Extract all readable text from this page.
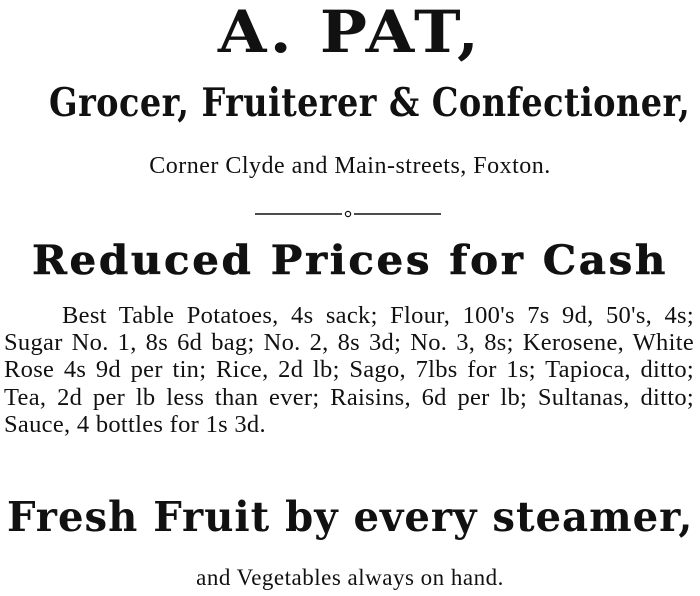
A. PAT,
Grocer, Fruiterer & Confectioner,
Corner Clyde and Main-streets, Foxton.
Reduced Prices for Cash
Best Table Potatoes, 4s sack; Flour, 100's 7s 9d, 50's, 4s; Sugar No. 1, 8s 6d bag; No. 2, 8s 3d; No. 3, 8s; Kerosene, White Rose 4s 9d per tin; Rice, 2d lb; Sago, 7lbs for 1s; Tapioca, ditto; Tea, 2d per lb less than ever; Raisins, 6d per lb; Sultanas, ditto; Sauce, 4 bottles for 1s 3d.
Fresh Fruit by every steamer,
and Vegetables always on hand.
